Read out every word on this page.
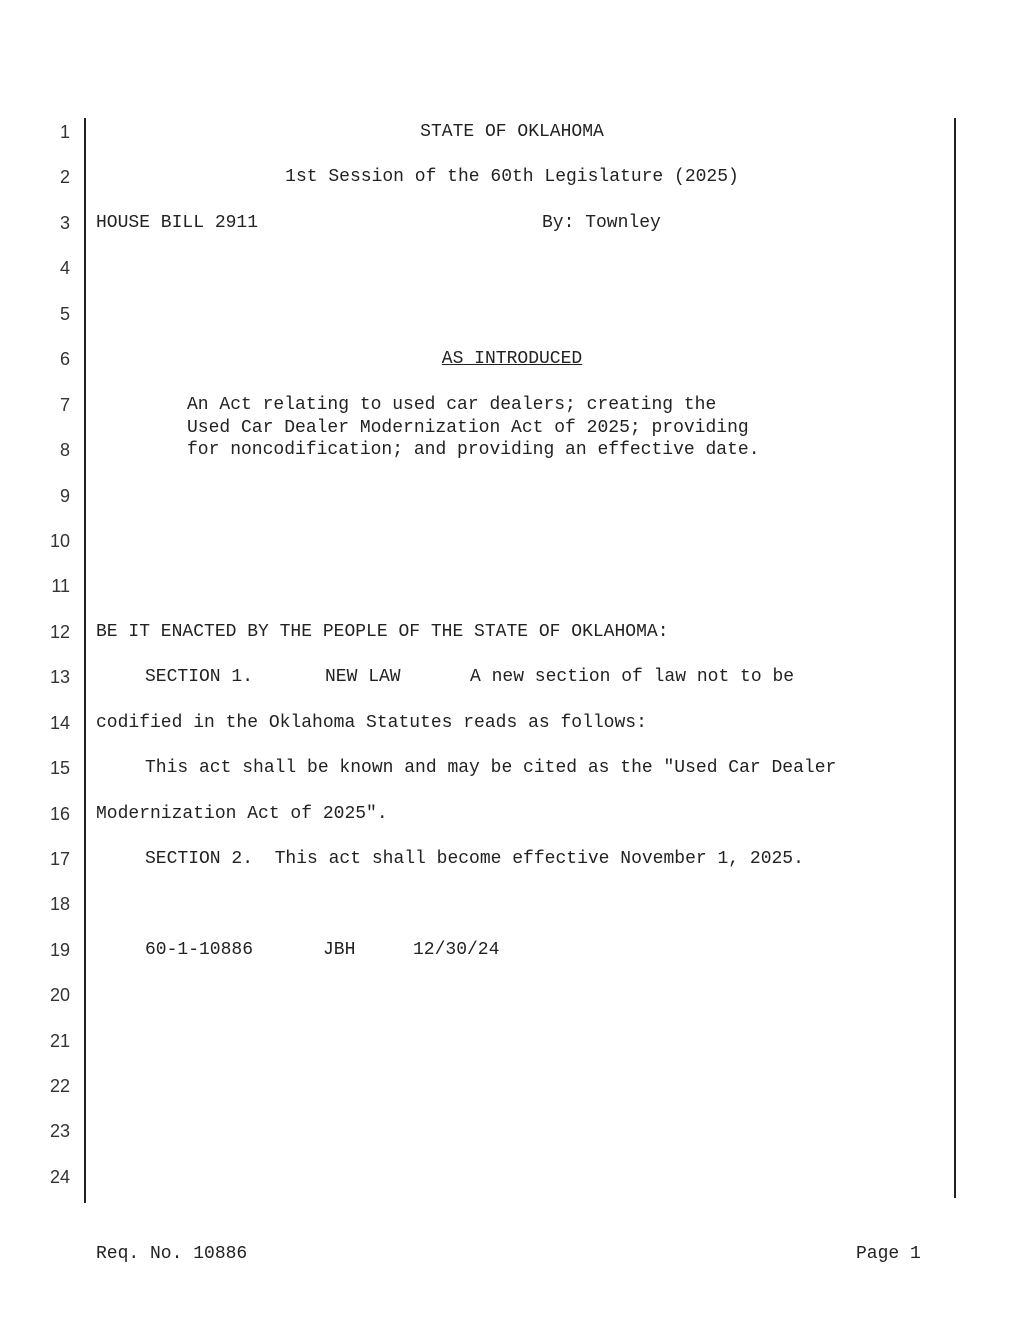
1
2
3
4
5
6
7
8
9
10
11
12
13
14
15
16
17
18
19
20
21
22
23
24
STATE OF OKLAHOMA
1st Session of the 60th Legislature (2025)
HOUSE BILL 2911	By: Townley
AS INTRODUCED
An Act relating to used car dealers; creating the
Used Car Dealer Modernization Act of 2025; providing
for noncodification; and providing an effective date.
BE IT ENACTED BY THE PEOPLE OF THE STATE OF OKLAHOMA:
SECTION 1.	NEW LAW	A new section of law not to be
codified in the Oklahoma Statutes reads as follows:
This act shall be known and may be cited as the "Used Car Dealer
Modernization Act of 2025".
SECTION 2.  This act shall become effective November 1, 2025.
60-1-10886	JBH	12/30/24
Req. No. 10886	Page 1
